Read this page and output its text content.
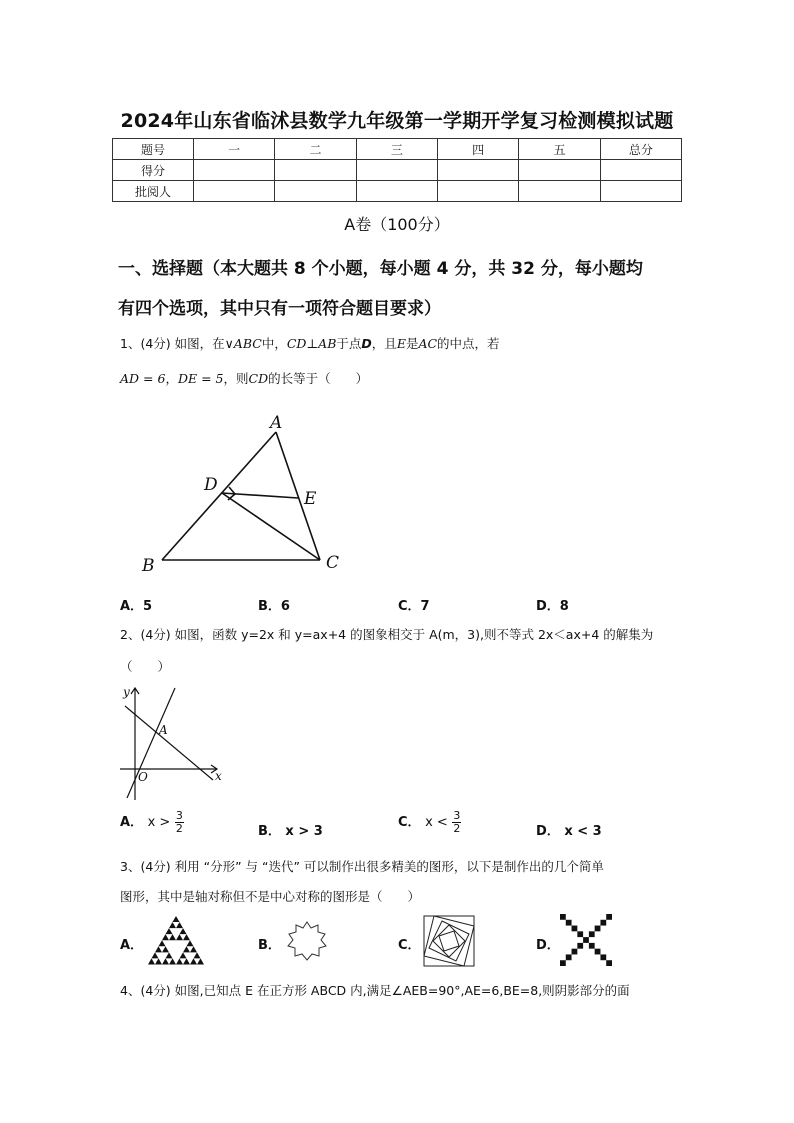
2024年山东省临沭县数学九年级第一学期开学复习检测模拟试题
题号	一	二	三	四	五	总分
得分						
批阅人						
A卷（100分）
一、选择题（本大题共 8 个小题，每小题 4 分，共 32 分，每小题均
有四个选项，其中只有一项符合题目要求）
1、(4分) 如图，在∨ABC中，CD⊥AB于点D，且E是AC的中点，若
AD = 6，DE = 5，则CD的长等于（　　）
A
B	C
D
E
A．5	B．6	C．7	D．8
2、(4分) 如图，函数 y=2x 和 y=ax+4 的图象相交于 A(m，3),则不等式 2x＜ax+4 的解集为
（　　）
y
x
O
A
A． $x > \frac{3}{2}$	B． x > 3
C． $x < \frac{3}{2}$	D． x < 3
3、(4分) 利用 “分形” 与 “迭代” 可以制作出很多精美的图形，以下是制作出的几个简单
图形，其中是轴对称但不是中心对称的图形是（　　）
A．	B．	C．	D．
4、(4分) 如图,已知点 E 在正方形 ABCD 内,满足∠AEB=90°,AE=6,BE=8,则阴影部分的面
